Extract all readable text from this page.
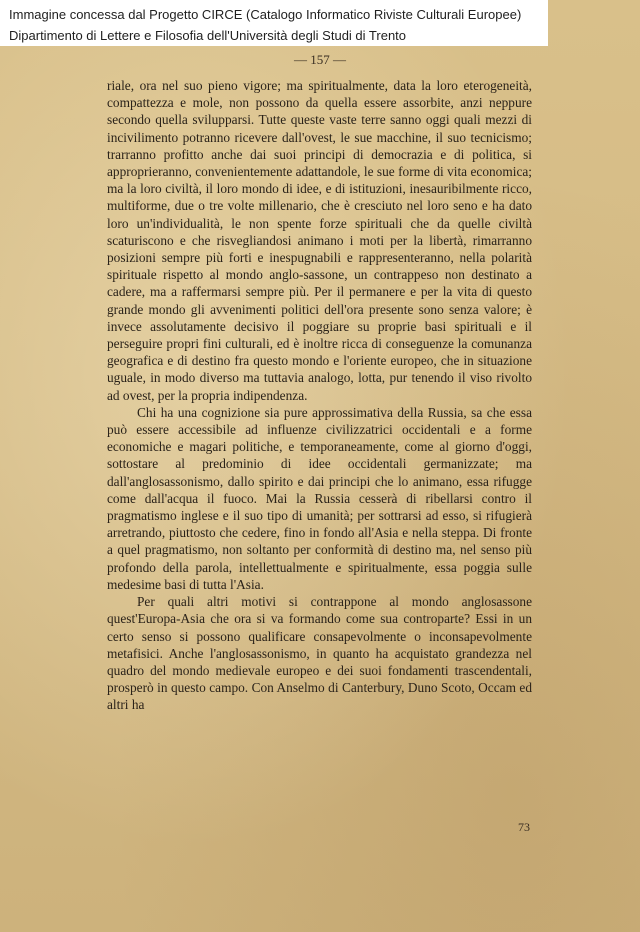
Immagine concessa dal Progetto CIRCE (Catalogo Informatico Riviste Culturali Europee)
Dipartimento di Lettere e Filosofia dell'Università degli Studi di Trento
— 157 —

riale, ora nel suo pieno vigore; ma spiritualmente, data la loro eterogeneità, compattezza e mole, non possono da quella essere assorbite, anzi neppure secondo quella svilupparsi. Tutte queste vaste terre sanno oggi quali mezzi di incivilimento potranno ricevere dall'ovest, le sue macchine, il suo tecnicismo; trarranno profitto anche dai suoi principi di democrazia e di politica, si approprieranno, convenientemente adattandole, le sue forme di vita economica; ma la loro civiltà, il loro mondo di idee, e di istituzioni, inesauribilmente ricco, multiforme, due o tre volte millenario, che è cresciuto nel loro seno e ha dato loro un'individualità, le non spente forze spirituali che da quelle civiltà scaturiscono e che risvegliandosi animano i moti per la libertà, rimarranno posizioni sempre più forti e inespugnabili e rappresenteranno, nella polarità spirituale rispetto al mondo anglo-sassone, un contrappeso non destinato a cadere, ma a raffermarsi sempre più. Per il permanere e per la vita di questo grande mondo gli avvenimenti politici dell'ora presente sono senza valore; è invece assolutamente decisivo il poggiare su proprie basi spirituali e il perseguire propri fini culturali, ed è inoltre ricca di conseguenze la comunanza geografica e di destino fra questo mondo e l'oriente europeo, che in situazione uguale, in modo diverso ma tuttavia analogo, lotta, pur tenendo il viso rivolto ad ovest, per la propria indipendenza.

Chi ha una cognizione sia pure approssimativa della Russia, sa che essa può essere accessibile ad influenze civilizzatrici occidentali e a forme economiche e magari politiche, e temporaneamente, come al giorno d'oggi, sottostare al predominio di idee occidentali germanizzate; ma dall'anglosassonismo, dallo spirito e dai principi che lo animano, essa rifugge come dall'acqua il fuoco. Mai la Russia cesserà di ribellarsi contro il pragmatismo inglese e il suo tipo di umanità; per sottrarsi ad esso, si rifugierà arretrando, piuttosto che cedere, fino in fondo all'Asia e nella steppa. Di fronte a quel pragmatismo, non soltanto per conformità di destino ma, nel senso più profondo della parola, intellettualmente e spiritualmente, essa poggia sulle medesime basi di tutta l'Asia.

Per quali altri motivi si contrappone al mondo anglosassone quest'Europa-Asia che ora si va formando come sua controparte? Essi in un certo senso si possono qualificare consapevolmente o inconsapevolmente metafisici. Anche l'anglosassonismo, in quanto ha acquistato grandezza nel quadro del mondo medievale europeo e dei suoi fondamenti trascendentali, prosperò in questo campo. Con Anselmo di Canterbury, Duno Scoto, Occam ed altri ha

73
